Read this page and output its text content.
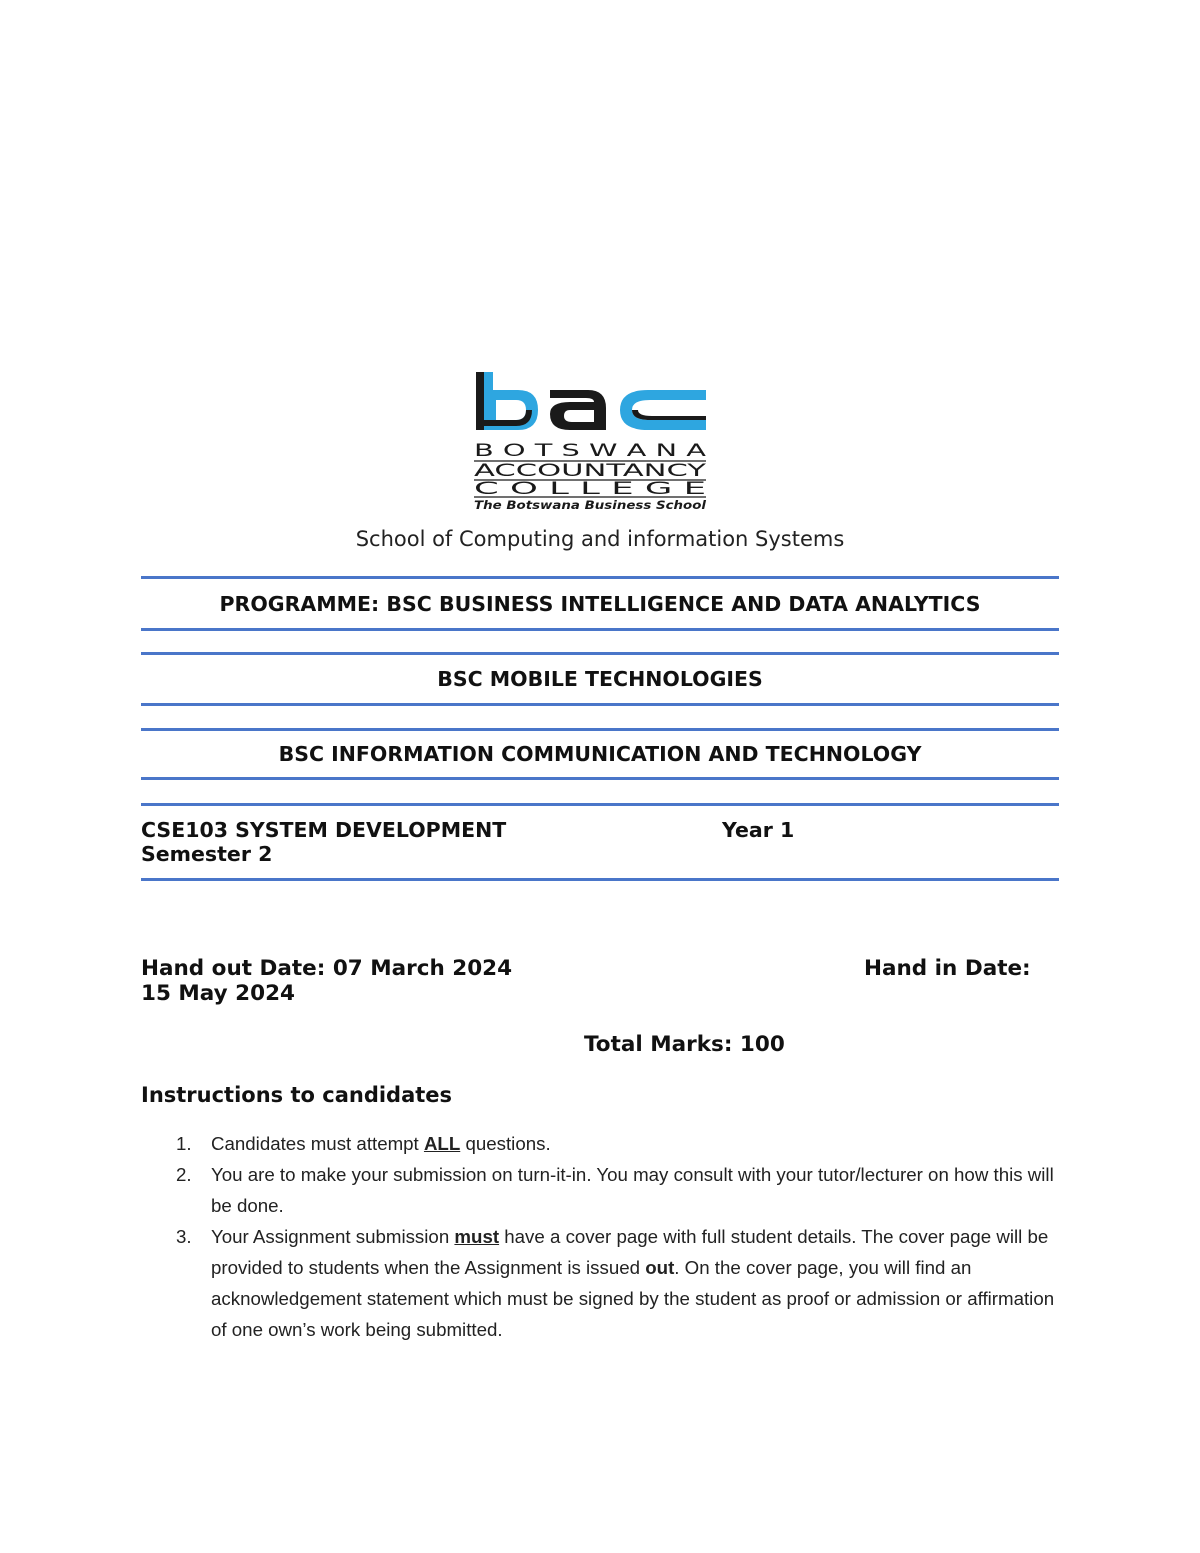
B O T S W A N A
ACCOUNTANCY
C O L L E G E
The Botswana Business School
School of Computing and information Systems
PROGRAMME: BSC BUSINESS INTELLIGENCE AND DATA ANALYTICS
BSC MOBILE TECHNOLOGIES
BSC INFORMATION COMMUNICATION AND TECHNOLOGY
CSE103 SYSTEM DEVELOPMENT	Year 1
Semester 2
Hand out Date: 07 March 2024	Hand in Date:
15 May 2024
Total Marks: 100
Instructions to candidates
1. Candidates must attempt ALL questions.
2. You are to make your submission on turn-it-in. You may consult with your tutor/lecturer on how this will be done.
3. Your Assignment submission must have a cover page with full student details. The cover page will be provided to students when the Assignment is issued out. On the cover page, you will find an acknowledgement statement which must be signed by the student as proof or admission or affirmation of one own’s work being submitted.
